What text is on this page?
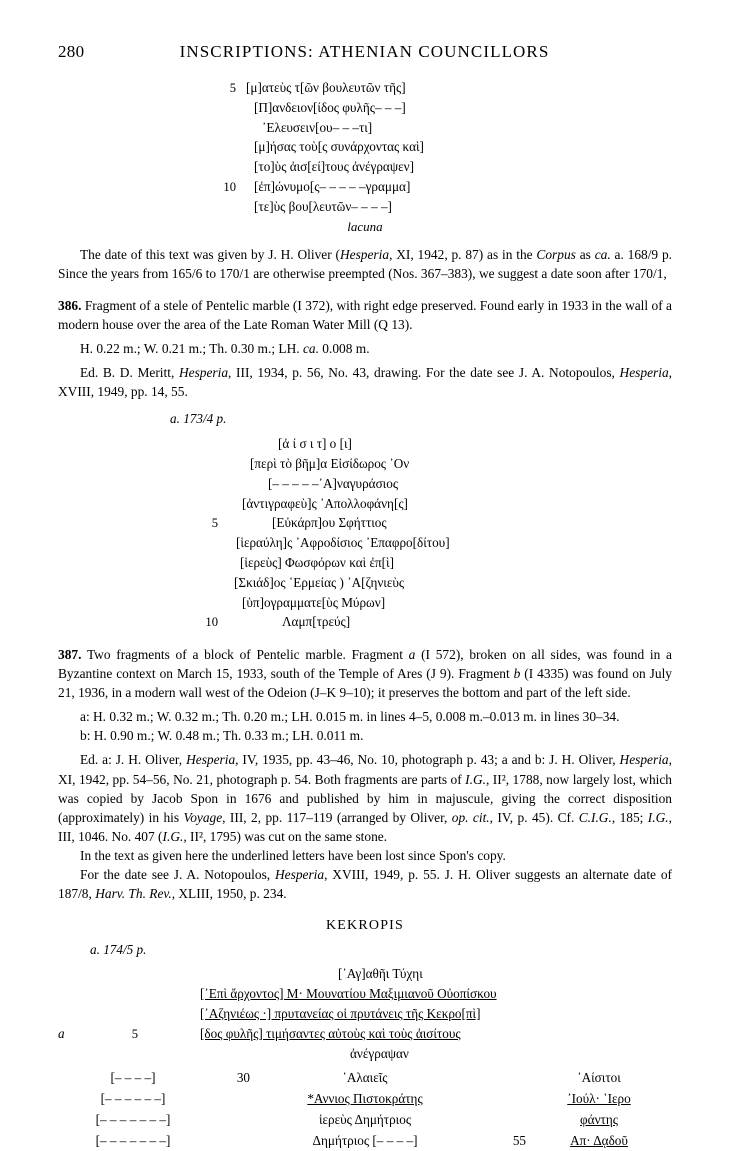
280	INSCRIPTIONS: ATHENIAN COUNCILLORS
5 [μ]ατεὺς τ[ῶν βουλευτῶν τῆς]
[Π]ανδειον[ίδος φυλῆς– – –]
᾽Ελευσειν[ου– – –τι]
[μ]ήσας τοὺ[ς συνάρχοντας καὶ]
[το]ὺς ἀισ[εί]τους ἀνέγραψεν]
10	[ἐπ]ώνυμο[ς– – – – –γραμμα]
[τε]ὺς βου[λευτῶν– – – –]
lacuna

The date of this text was given by J. H. Oliver (Hesperia, XI, 1942, p. 87) as in the Corpus as ca. a. 168/9 p. Since the years from 165/6 to 170/1 are otherwise preempted (Nos. 367–383), we suggest a date soon after 170/1,

386. Fragment of a stele of Pentelic marble (I 372), with right edge preserved. Found early in 1933 in the wall of a modern house over the area of the Late Roman Water Mill (Q 13).

H. 0.22 m.; W. 0.21 m.; Th. 0.30 m.; LH. ca. 0.008 m.

Ed. B. D. Meritt, Hesperia, III, 1934, p. 56, No. 43, drawing. For the date see J. A. Notopoulos, Hesperia, XVIII, 1949, pp. 14, 55.

a. 173/4 p.
[ἀ ί σ ι τ] ο [ι]
[περὶ τὸ βῆμ]α Εἰσίδωρος ᾽Ον
[– – – – –᾽Α]ναγυράσιος
[ἀντιγραφεὺ]ς ᾽Απολλοφάνη[ς]
5	[Εὐκάρπ]ου Σφήττιος
[ἱεραύλη]ς ᾽Αφροδίσιος ᾽Επαφρο[δίτου]
[ἱερεὺς] Φωσφόρων καὶ ἐπ[ὶ]
[Σκιάδ]ος ῾Ερμείας ) ᾽Α[ζηνιεὺς
[ὑπ]ογραμματε[ὺς Μύρων]
10	Λαμπ[τρεύς]

387. Two fragments of a block of Pentelic marble. Fragment a (I 572), broken on all sides, was found in a Byzantine context on March 15, 1933, south of the Temple of Ares (J 9). Fragment b (I 4335) was found on July 21, 1936, in a modern wall west of the Odeion (J–K 9–10); it preserves the bottom and part of the left side.

a: H. 0.32 m.; W. 0.32 m.; Th. 0.20 m.; LH. 0.015 m. in lines 4–5, 0.008 m.–0.013 m. in lines 30–34.

b: H. 0.90 m.; W. 0.48 m.; Th. 0.33 m.; LH. 0.011 m.

Ed. a: J. H. Oliver, Hesperia, IV, 1935, pp. 43–46, No. 10, photograph p. 43; a and b: J. H. Oliver, Hesperia, XI, 1942, pp. 54–56, No. 21, photograph p. 54. Both fragments are parts of I.G., II², 1788, now largely lost, which was copied by Jacob Spon in 1676 and published by him in majuscule, giving the correct disposition (approximately) in his Voyage, III, 2, pp. 117–119 (arranged by Oliver, op. cit., IV, p. 45). Cf. C.I.G., 185; I.G., III, 1046. No. 407 (I.G., II², 1795) was cut on the same stone.

In the text as given here the underlined letters have been lost since Spon's copy.

For the date see J. A. Notopoulos, Hesperia, XVIII, 1949, p. 55. J. H. Oliver suggests an alternate date of 187/8, Harv. Th. Rev., XLIII, 1950, p. 234.

KEKROPIS
a. 174/5 p.
[᾽Αγ]αθῆι Τύχηι
[᾽Επὶ ἄρχοντος] Μ· Μουνατίου Μαξιμιανοῦ Οὐοπίσκου
[᾽Αζηνιέως ·] πρυτανείας οἱ πρυτάνεις τῆς Κεκρο[πὶ]
a	5	[δος φυλῆς] τιμήσαντες αὐτοὺς καὶ τοὺς ἀισίτους
ἀνέγραψαν
[– – – –]	30	῾Αλαιεῖς		᾽Αίσιτοι
[– – – – – –]		*Αννιος Πιστοκράτης		᾽Ιούλ· ῾Ιερο
[– – – – – – –]		ἱερεὺς Δημήτριος		φάντης
[– – – – – – –]		Δημήτριος [– – – –]	55	Απ· Δᾳδοῦ
